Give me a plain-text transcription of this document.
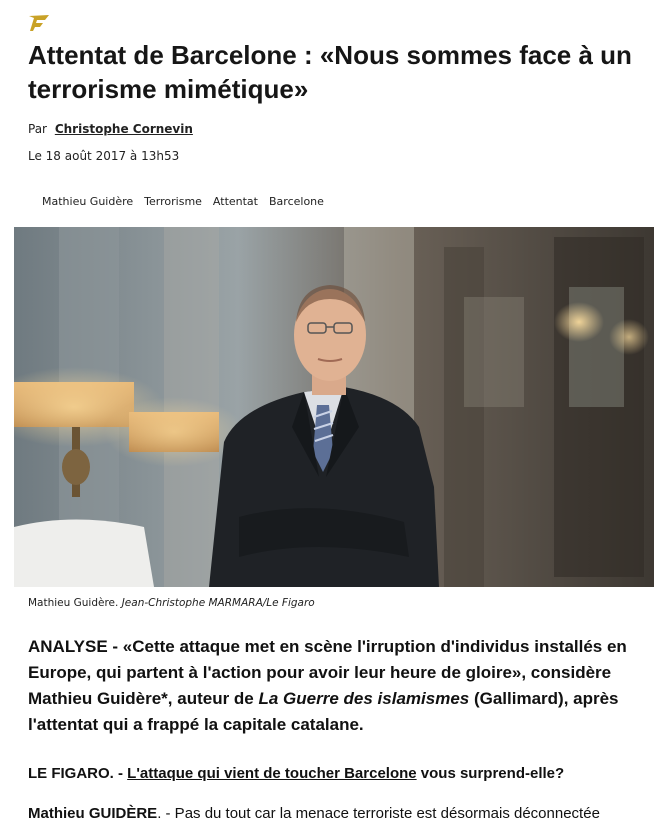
Attentat de Barcelone : «Nous sommes face à un terrorisme mimétique»
Par Christophe Cornevin
Le 18 août 2017 à 13h53
Mathieu Guidère Terrorisme Attentat Barcelone
Mathieu Guidère. Jean-Christophe MARMARA/Le Figaro

ANALYSE - «Cette attaque met en scène l'irruption d'individus installés en Europe, qui partent à l'action pour avoir leur heure de gloire», considère Mathieu Guidère*, auteur de La Guerre des islamismes (Gallimard), après l'attentat qui a frappé la capitale catalane.

LE FIGARO. - L'attaque qui vient de toucher Barcelone vous surprend-elle?

Mathieu GUIDÈRE. - Pas du tout car la menace terroriste est désormais déconnectée
